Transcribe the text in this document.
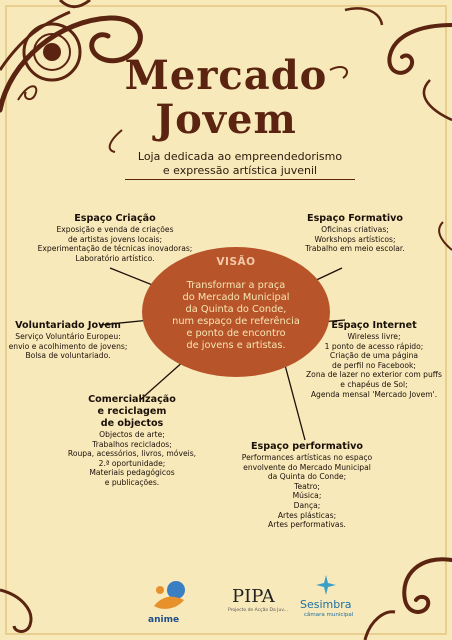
Mercado
Jovem
Loja dedicada ao empreendedorismo
e expressão artística juvenil
Espaço Criação
Exposição e venda de criações
de artistas jovens locais;
Experimentação de técnicas inovadoras;
Laboratório artístico.
Espaço Formativo
Oficinas criativas;
Workshops artísticos;
Trabalho em meio escolar.
VISÃO
Transformar a praça
do Mercado Municipal
da Quinta do Conde,
num espaço de referência
e ponto de encontro
de jovens e artistas.
Voluntariado Jovem
Serviço Voluntário Europeu:
envio e acolhimento de jovens;
Bolsa de voluntariado.
Espaço Internet
Wireless livre;
1 ponto de acesso rápido;
Criação de uma página
de perfil no Facebook;
Zona de lazer no exterior com puffs
e chapéus de Sol;
Agenda mensal 'Mercado Jovem'.
Comercialização
e reciclagem
de objectos
Objectos de arte;
Trabalhos reciclados;
Roupa, acessórios, livros, móveis,
2.ª oportunidade;
Materiais pedagógicos
e publicações.
Espaço performativo
Performances artísticas no espaço
envolvente do Mercado Municipal
da Quinta do Conde;
Teatro;
Música;
Dança;
Artes plásticas;
Artes performativas.
anime
PIPA
Projecto de Acção Da Juv...	Sesimbra
câmara municipal
